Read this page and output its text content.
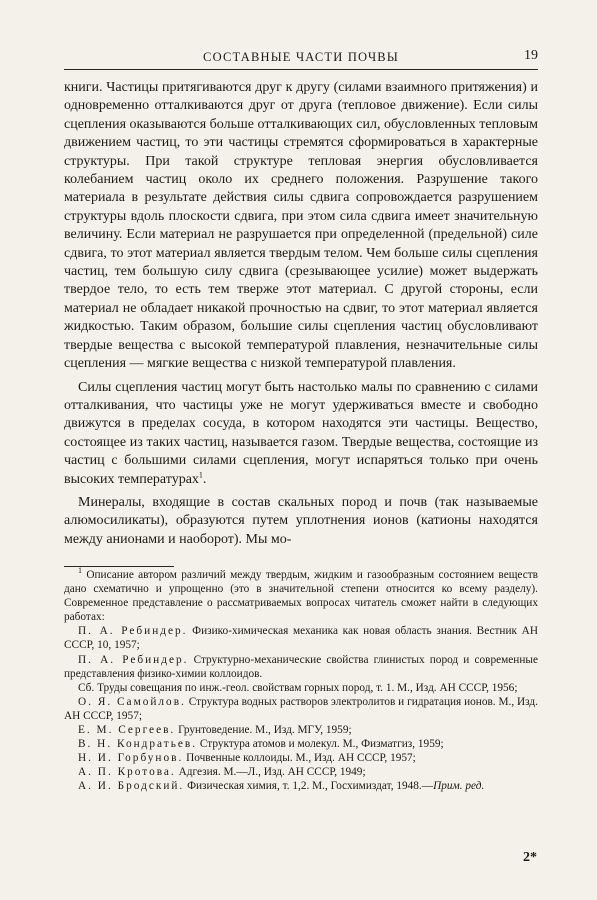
СОСТАВНЫЕ ЧАСТИ ПОЧВЫ	19

книги. Частицы притягиваются друг к другу (силами взаимного притяжения) и одновременно отталкиваются друг от друга (тепловое движение). Если силы сцепления оказываются больше отталкивающих сил, обусловленных тепловым движением частиц, то эти частицы стремятся сформироваться в характерные структуры. При такой структуре тепловая энергия обусловливается колебанием частиц около их среднего положения. Разрушение такого материала в результате действия силы сдвига сопровождается разрушением структуры вдоль плоскости сдвига, при этом сила сдвига имеет значительную величину. Если материал не разрушается при определенной (предельной) силе сдвига, то этот материал является твердым телом. Чем больше силы сцепления частиц, тем большую силу сдвига (срезывающее усилие) может выдержать твердое тело, то есть тем тверже этот материал. С другой стороны, если материал не обладает никакой прочностью на сдвиг, то этот материал является жидкостью. Таким образом, большие силы сцепления частиц обусловливают твердые вещества с высокой температурой плавления, незначительные силы сцепления — мягкие вещества с низкой температурой плавления.

Силы сцепления частиц могут быть настолько малы по сравнению с силами отталкивания, что частицы уже не могут удерживаться вместе и свободно движутся в пределах сосуда, в котором находятся эти частицы. Вещество, состоящее из таких частиц, называется газом. Твердые вещества, состоящие из частиц с большими силами сцепления, могут испаряться только при очень высоких температурах$^1$.

Минералы, входящие в состав скальных пород и почв (так называемые алюмосиликаты), образуются путем уплотнения ионов (катионы находятся между анионами и наоборот). Мы мо-

$^1$ Описание автором различий между твердым, жидким и газообразным состоянием веществ дано схематично и упрощенно (это в значительной степени относится ко всему разделу). Современное представление о рассматриваемых вопросах читатель сможет найти в следующих работах:

П. А. Ребиндер. Физико-химическая механика как новая область знания. Вестник АН СССР, 10, 1957;

П. А. Ребиндер. Структурно-механические свойства глинистых пород и современные представления физико-химии коллоидов.

Сб. Труды совещания по инж.-геол. свойствам горных пород, т. 1. М., Изд. АН СССР, 1956;

О. Я. Самойлов. Структура водных растворов электролитов и гидратация ионов. М., Изд. АН СССР, 1957;

Е. М. Сергеев. Грунтоведение. М., Изд. МГУ, 1959;

В. Н. Кондратьев. Структура атомов и молекул. М., Физматгиз, 1959;

Н. И. Горбунов. Почвенные коллоиды. М., Изд. АН СССР, 1957;

А. П. Кротова. Адгезия. М.—Л., Изд. АН СССР, 1949;

А. И. Бродский. Физическая химия, т. 1,2. М., Госхимиздат, 1948.—Прим. ред.

2*
